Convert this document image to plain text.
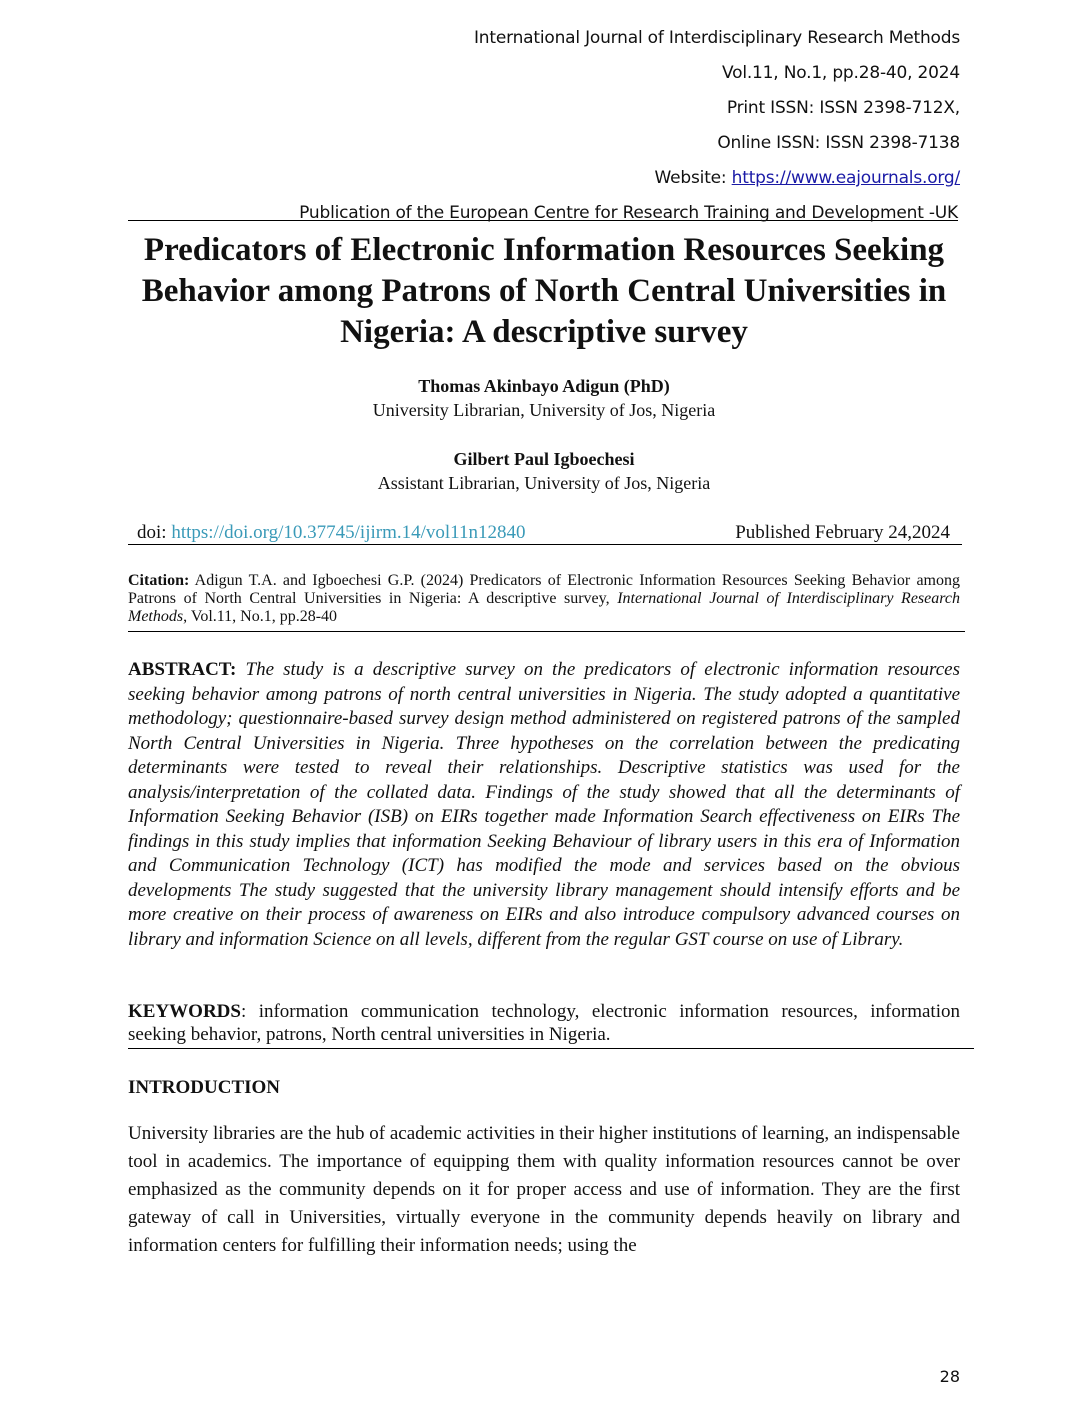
International Journal of Interdisciplinary Research Methods
Vol.11, No.1, pp.28-40, 2024
Print ISSN: ISSN 2398-712X,
Online ISSN: ISSN 2398-7138
Website: https://www.eajournals.org/
Publication of the European Centre for Research Training and Development -UK
Predicators of Electronic Information Resources Seeking Behavior among Patrons of North Central Universities in Nigeria: A descriptive survey
Thomas Akinbayo Adigun (PhD)
University Librarian, University of Jos, Nigeria
Gilbert Paul Igboechesi
Assistant Librarian, University of Jos, Nigeria
doi: https://doi.org/10.37745/ijirm.14/vol11n12840	Published February 24,2024
Citation: Adigun T.A. and Igboechesi G.P. (2024) Predicators of Electronic Information Resources Seeking Behavior among Patrons of North Central Universities in Nigeria: A descriptive survey, International Journal of Interdisciplinary Research Methods, Vol.11, No.1, pp.28-40
ABSTRACT: The study is a descriptive survey on the predicators of electronic information resources seeking behavior among patrons of north central universities in Nigeria. The study adopted a quantitative methodology; questionnaire-based survey design method administered on registered patrons of the sampled North Central Universities in Nigeria. Three hypotheses on the correlation between the predicating determinants were tested to reveal their relationships. Descriptive statistics was used for the analysis/interpretation of the collated data. Findings of the study showed that all the determinants of Information Seeking Behavior (ISB) on EIRs together made Information Search effectiveness on EIRs The findings in this study implies that information Seeking Behaviour of library users in this era of Information and Communication Technology (ICT) has modified the mode and services based on the obvious developments The study suggested that the university library management should intensify efforts and be more creative on their process of awareness on EIRs and also introduce compulsory advanced courses on library and information Science on all levels, different from the regular GST course on use of Library.
KEYWORDS: information communication technology, electronic information resources, information seeking behavior, patrons, North central universities in Nigeria.
INTRODUCTION
University libraries are the hub of academic activities in their higher institutions of learning, an indispensable tool in academics. The importance of equipping them with quality information resources cannot be over emphasized as the community depends on it for proper access and use of information. They are the first gateway of call in Universities, virtually everyone in the community depends heavily on library and information centers for fulfilling their information needs; using the
28
